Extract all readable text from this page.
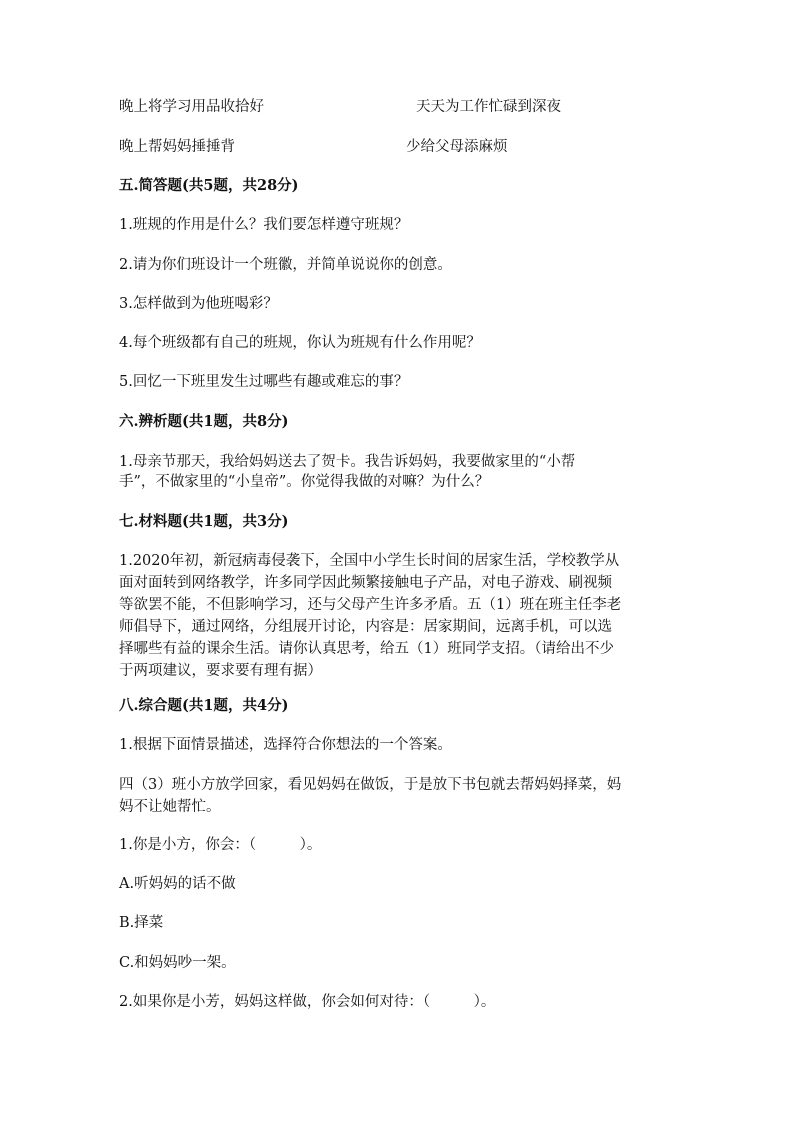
晚上将学习用品收拾好	天天为工作忙碌到深夜
晚上帮妈妈捶捶背	少给父母添麻烦
五.简答题(共5题，共28分)
1.班规的作用是什么？我们要怎样遵守班规？
2.请为你们班设计一个班徽，并简单说说你的创意。
3.怎样做到为他班喝彩？
4.每个班级都有自己的班规，你认为班规有什么作用呢？
5.回忆一下班里发生过哪些有趣或难忘的事？
六.辨析题(共1题，共8分)
1.母亲节那天，我给妈妈送去了贺卡。我告诉妈妈，我要做家里的“小帮
手”，不做家里的“小皇帝”。你觉得我做的对嘛？为什么？
七.材料题(共1题，共3分)
1.2020年初，新冠病毒侵袭下，全国中小学生长时间的居家生活，学校教学从
面对面转到网络教学，许多同学因此频繁接触电子产品，对电子游戏、刷视频
等欲罢不能，不但影响学习，还与父母产生许多矛盾。五（1）班在班主任李老
师倡导下，通过网络，分组展开讨论，内容是：居家期间，远离手机，可以选
择哪些有益的课余生活。请你认真思考，给五（1）班同学支招。（请给出不少
于两项建议，要求要有理有据）
八.综合题(共1题，共4分)
1.根据下面情景描述，选择符合你想法的一个答案。
四（3）班小方放学回家，看见妈妈在做饭，于是放下书包就去帮妈妈择菜，妈
妈不让她帮忙。
1.你是小方，你会：（　　　）。
A.听妈妈的话不做
B.择菜
C.和妈妈吵一架。
2.如果你是小芳，妈妈这样做，你会如何对待：（　　　）。
